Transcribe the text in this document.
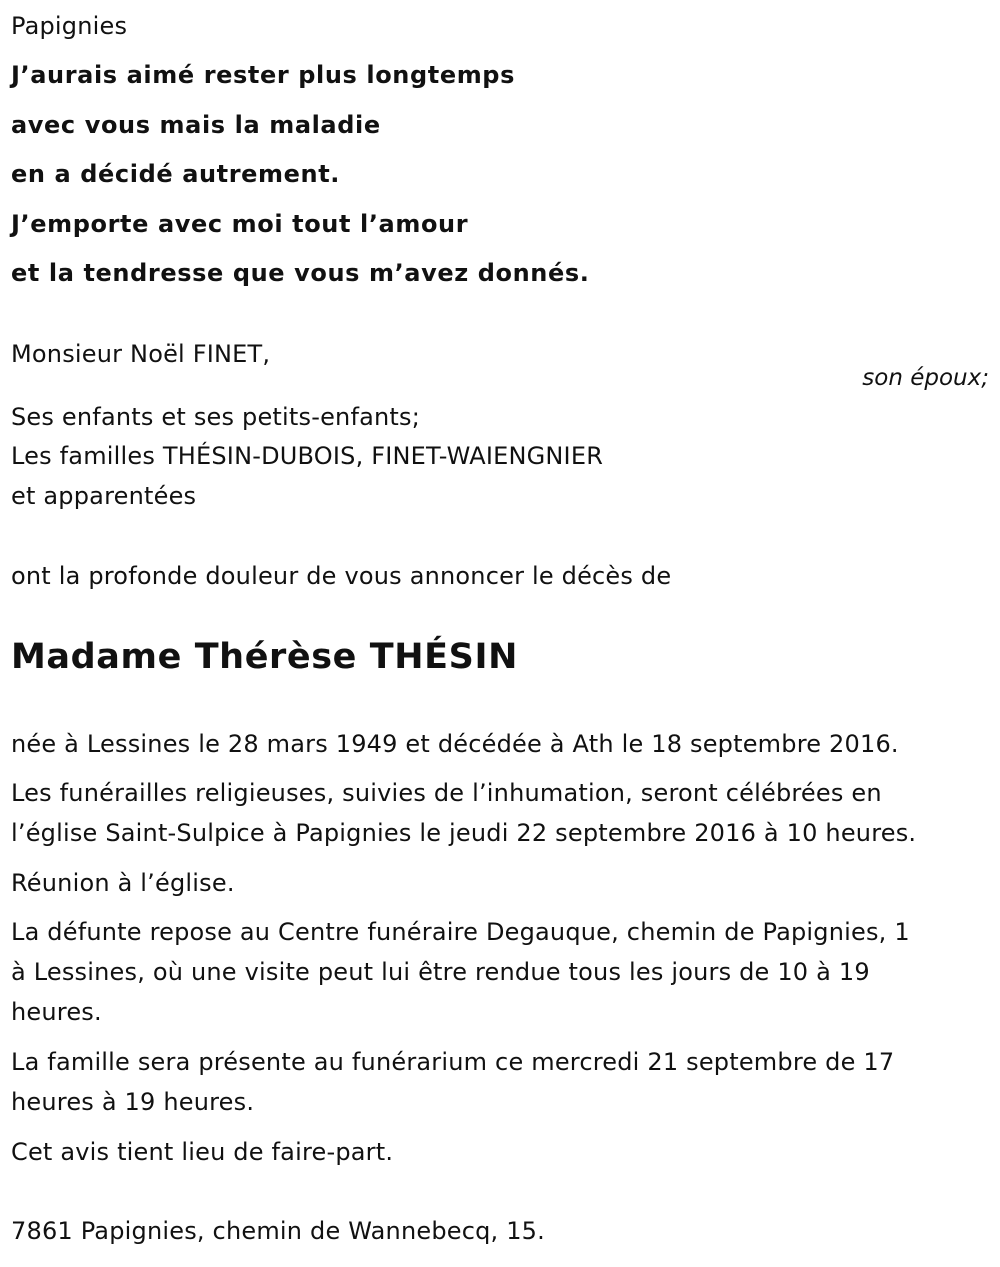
Papignies
J’aurais aimé rester plus longtemps
avec vous mais la maladie
en a décidé autrement.
J’emporte avec moi tout l’amour
et la tendresse que vous m’avez donnés.
Monsieur Noël FINET,
son époux;
Ses enfants et ses petits-enfants;
Les familles THÉSIN-DUBOIS, FINET-WAIENGNIER
et apparentées
ont la profonde douleur de vous annoncer le décès de
Madame Thérèse THÉSIN
née à Lessines le 28 mars 1949 et décédée à Ath le 18 septembre 2016.
Les funérailles religieuses, suivies de l’inhumation, seront célébrées en
l’église Saint-Sulpice à Papignies le jeudi 22 septembre 2016 à 10 heures.
Réunion à l’église.
La défunte repose au Centre funéraire Degauque, chemin de Papignies, 1
à Lessines, où une visite peut lui être rendue tous les jours de 10 à 19
heures.
La famille sera présente au funérarium ce mercredi 21 septembre de 17
heures à 19 heures.
Cet avis tient lieu de faire-part.
7861 Papignies, chemin de Wannebecq, 15.
